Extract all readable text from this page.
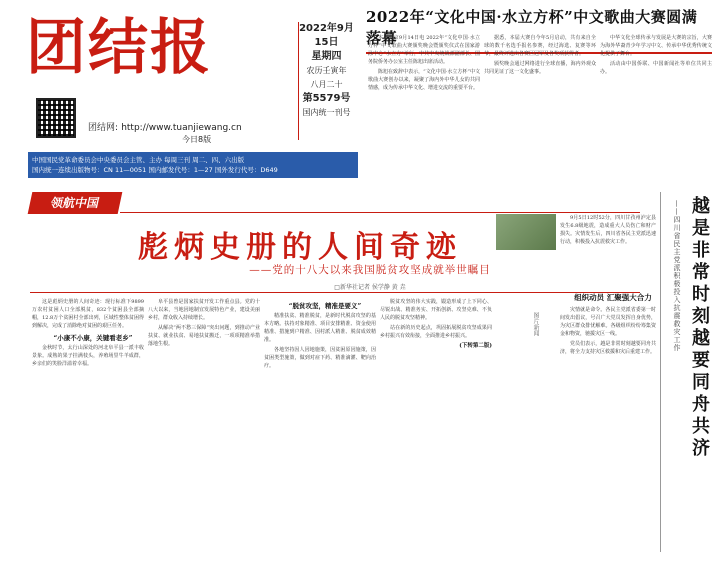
团结报
团结网: http://www.tuanjiewang.cn
今日8版
2022年9月
15日
星期四
农历壬寅年
八月二十
第5579号
国内统一刊号
中国国民党革命委员会中央委员会主管、主办 每周三刊 周二、四、六出版
国内统一连续出版物号：CN 11—0051 国内邮发代号：1—27 国外发行代号：D649
2022年“文化中国·水立方杯”中文歌曲大赛圆满落幕

本报北京9月14日电 2022年“文化中国·水立方杯”中文歌曲大赛颁奖晚会暨颁奖仪式在国家游泳中心“水立方”举行，中共中央统战部副部长、国务院侨务办公室主任陈旭出席活动。

陈旭在致辞中表示，“文化中国·水立方杯”中文歌曲大赛创办以来，凝聚了海内外中华儿女的共同情感，成为传承中华文化、增进交流的重要平台。

据悉，本届大赛自今年5月启动，共有来自全球的数千名选手报名参赛，经过海选、复赛等环节，最终评选出各赛区冠军及各奖项获得者。

颁奖晚会通过网络进行全球直播，海内外观众共同见证了这一文化盛事。

中华文化全球传承与发展是大赛的宗旨，大赛为海外华裔青少年学习中文、传承中华优秀传统文化提供了舞台。

活动由中国侨联、中国新闻社等单位共同主办。

领航中国
彪炳史册的人间奇迹
——党的十八大以来我国脱贫攻坚成就举世瞩目
□新华社记者 侯学静 黄 垚

这是彪炳史册的人间奇迹：现行标准下9899万农村贫困人口全部脱贫，832个贫困县全部摘帽，12.8万个贫困村全部出列，区域性整体贫困得到解决，完成了消除绝对贫困的艰巨任务。

“小康不小康，关键看老乡”

金秋时节，太行山深处的河北阜平县一派丰收景象。成熟的果子挂满枝头，养殖场里牛羊成群，乡亲们的笑脸洋溢着幸福。

阜平县曾是国家扶贫开发工作重点县。党的十八大以来，当地因地制宜发展特色产业，建设美丽乡村，群众收入持续增长。

从解决“两不愁三保障”突出问题，到推动产业扶贫、就业扶贫、易地扶贫搬迁，一项项精准举措落地生根。

“脱贫攻坚，精准是要义”

精准扶贫、精准脱贫，是新时代脱贫攻坚的基本方略。扶持对象精准、项目安排精准、资金使用精准、措施到户精准、因村派人精准、脱贫成效精准。

各地坚持因人因地施策，因贫困原因施策，因贫困类型施策，做到对症下药、精准滴灌、靶向治疗。

脱贫攻坚的伟大实践，锻造形成了上下同心、尽锐出战、精准务实、开拓创新、攻坚克难、不负人民的脱贫攻坚精神。

站在新的历史起点，巩固拓展脱贫攻坚成果同乡村振兴有效衔接，全面推进乡村振兴。

(下转第二版)	越是非常时刻越要同舟共济
——四川省民主党派积极投入抗震救灾工作
图片新闻

9月5日12时52分，四川甘孜州泸定县发生6.8级地震，造成重大人员伤亡和财产损失。灾情发生后，四川省各民主党派迅速行动，积极投入抗震救灾工作。

组织动员 汇聚强大合力

灾情就是命令。各民主党派省委第一时间发出倡议，号召广大党员发挥自身优势，为灾区群众排忧解难。各级组织纷纷筹集资金和物资，驰援灾区一线。

党员们表示，越是非常时刻越要同舟共济，将全力支持灾区救援和灾后重建工作。
